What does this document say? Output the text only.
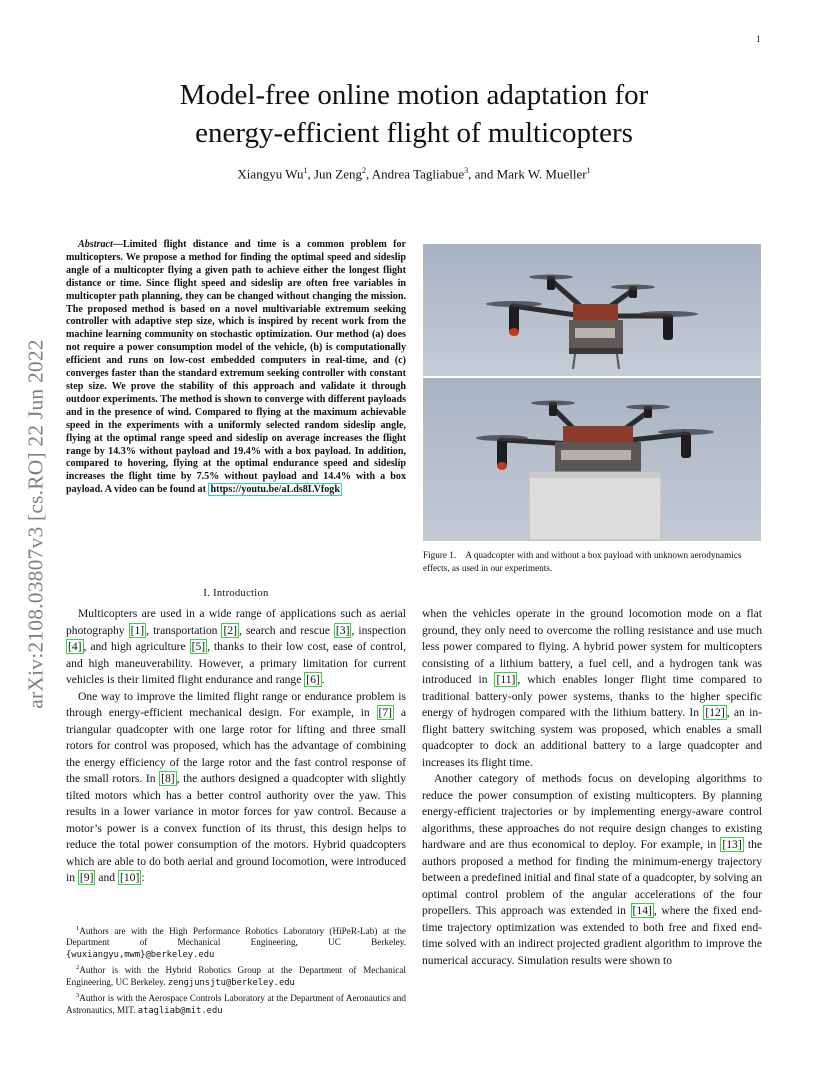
1
arXiv:2108.03807v3 [cs.RO] 22 Jun 2022
Model-free online motion adaptation for
energy-efficient flight of multicopters
Xiangyu Wu$^1$, Jun Zeng$^2$, Andrea Tagliabue$^3$, and Mark W. Mueller$^1$

Abstract—Limited flight distance and time is a common problem for multicopters. We propose a method for finding the optimal speed and sideslip angle of a multicopter flying a given path to achieve either the longest flight distance or time. Since flight speed and sideslip are often free variables in multicopter path planning, they can be changed without changing the mission. The proposed method is based on a novel multivariable extremum seeking controller with adaptive step size, which is inspired by recent work from the machine learning community on stochastic optimization. Our method (a) does not require a power consumption model of the vehicle, (b) is computationally efficient and runs on low-cost embedded computers in real-time, and (c) converges faster than the standard extremum seeking controller with constant step size. We prove the stability of this approach and validate it through outdoor experiments. The method is shown to converge with different payloads and in the presence of wind. Compared to flying at the maximum achievable speed in the experiments with a uniformly selected random sideslip angle, flying at the optimal range speed and sideslip on average increases the flight range by 14.3% without payload and 19.4% with a box payload. In addition, compared to hovering, flying at the optimal endurance speed and sideslip increases the flight time by 7.5% without payload and 14.4% with a box payload. A video can be found at https://youtu.be/aLds8LVfogk

Figure 1. A quadcopter with and without a box payload with unknown aerodynamics effects, as used in our experiments.
I. Introduction

Multicopters are used in a wide range of applications such as aerial photography [1] , transportation [2] , search and rescue [3] , inspection [4] , and high agriculture [5] , thanks to their low cost, ease of control, and high maneuverability. However, a primary limitation for current vehicles is their limited flight endurance and range [6] .

One way to improve the limited flight range or endurance problem is through energy-efficient mechanical design. For example, in [7] a triangular quadcopter with one large rotor for lifting and three small rotors for control was proposed, which has the advantage of combining the energy efficiency of the large rotor and the fast control response of the small rotors. In [8] , the authors designed a quadcopter with slightly tilted motors which has a better control authority over the yaw. This results in a lower variance in motor forces for yaw control. Because a motor’s power is a convex function of its thrust, this design helps to reduce the total power consumption of the motors. Hybrid quadcopters which are able to do both aerial and ground locomotion, were introduced in [9] and [10] :

when the vehicles operate in the ground locomotion mode on a flat ground, they only need to overcome the rolling resistance and use much less power compared to flying. A hybrid power system for multicopters consisting of a lithium battery, a fuel cell, and a hydrogen tank was introduced in [11] , which enables longer flight time compared to traditional battery-only power systems, thanks to the higher specific energy of hydrogen compared with the lithium battery. In [12] , an in-flight battery switching system was proposed, which enables a small quadcopter to dock an additional battery to a large quadcopter and increases its flight time.

Another category of methods focus on developing algorithms to reduce the power consumption of existing multicopters. By planning energy-efficient trajectories or by implementing energy-aware control algorithms, these approaches do not require design changes to existing hardware and are thus economical to deploy. For example, in [13] the authors proposed a method for finding the minimum-energy trajectory between a predefined initial and final state of a quadcopter, by solving an optimal control problem of the angular accelerations of the four propellers. This approach was extended in [14] , where the fixed end-time trajectory optimization was extended to both free and fixed end-time solved with an indirect projected gradient algorithm to improve the numerical accuracy. Simulation results were shown to

$^1$Authors are with the High Performance Robotics Laboratory (HiPeR-Lab) at the Department of Mechanical Engineering, UC Berkeley. {wuxiangyu,mwm}@berkeley.edu

$^2$Author is with the Hybrid Robotics Group at the Department of Mechanical Engineering, UC Berkeley. zengjunsjtu@berkeley.edu

$^3$Author is with the Aerospace Controls Laboratory at the Department of Aeronautics and Astronautics, MIT. atagliab@mit.edu
